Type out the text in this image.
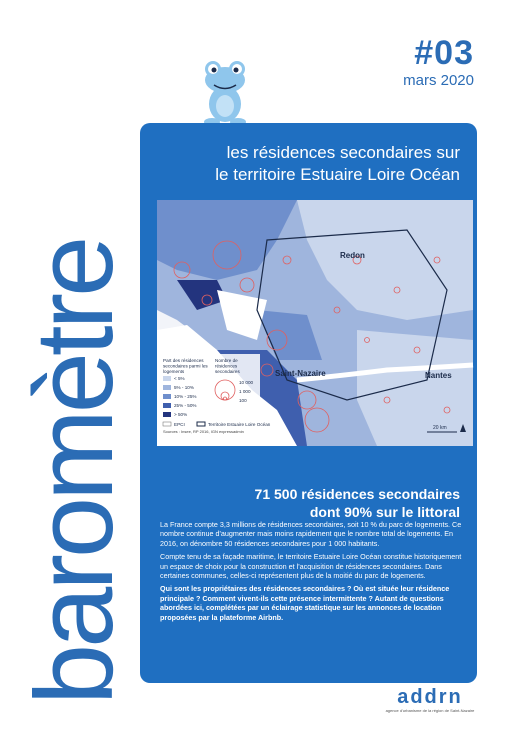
baromètre
#03
mars 2020
les résidences secondaires sur
le territoire Estuaire Loire Océan
Redon
Saint-Nazaire	Nantes
Part des résidences secondaires parmi les logements
< 5%
5% - 10%
10% - 25%
25% - 50%
> 50%
Nombre de résidences secondaires
10 000
1 000
100
EPCI	Territoire Estuaire Loire Océan
Sources : Insee, RP 2016, IGN expressadmin
20 km
71 500 résidences secondaires
dont 90% sur le littoral

La France compte 3,3 millions de résidences secondaires, soit 10 % du parc de logements. Ce nombre continue d'augmenter mais moins rapidement que le nombre total de logements. En 2016, on dénombre 50 résidences secondaires pour 1 000 habitants.

Compte tenu de sa façade maritime, le territoire Estuaire Loire Océan constitue historiquement un espace de choix pour la construction et l'acquisition de résidences secondaires. Dans certaines communes, celles-ci représentent plus de la moitié du parc de logements.

Qui sont les propriétaires des résidences secondaires ? Où est située leur résidence principale ? Comment vivent-ils cette présence intermittente ? Autant de questions abordées ici, complétées par un éclairage statistique sur les annonces de location proposées par la plateforme Airbnb.

addrn
agence d'urbanisme de la région de Saint-Nazaire
